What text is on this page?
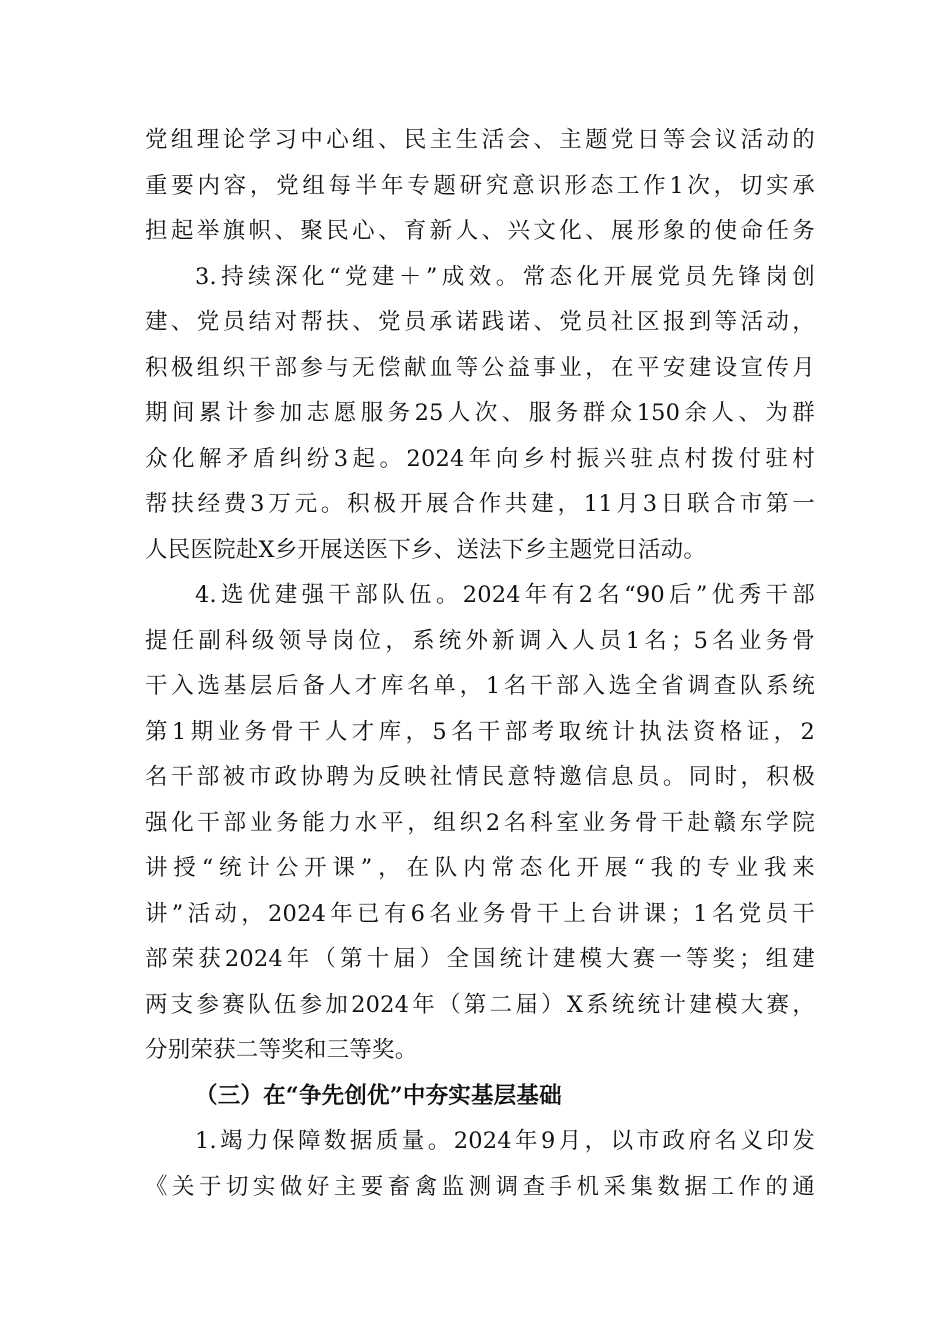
党组理论学习中心组、民主生活会、主题党日等会议活动的
重要内容，党组每半年专题研究意识形态工作1次，切实承
担起举旗帜、聚民心、育新人、兴文化、展形象的使命任务
3.持续深化“党建＋”成效。常态化开展党员先锋岗创
建、党员结对帮扶、党员承诺践诺、党员社区报到等活动，
积极组织干部参与无偿献血等公益事业，在平安建设宣传月
期间累计参加志愿服务25人次、服务群众150余人、为群
众化解矛盾纠纷3起。2024年向乡村振兴驻点村拨付驻村
帮扶经费3万元。积极开展合作共建，11月3日联合市第一
人民医院赴X乡开展送医下乡、送法下乡主题党日活动。
4.选优建强干部队伍。2024年有2名“90后”优秀干部
提任副科级领导岗位，系统外新调入人员1名；5名业务骨
干入选基层后备人才库名单，1名干部入选全省调查队系统
第1期业务骨干人才库，5名干部考取统计执法资格证，2
名干部被市政协聘为反映社情民意特邀信息员。同时，积极
强化干部业务能力水平，组织2名科室业务骨干赴赣东学院
讲授“统计公开课”，在队内常态化开展“我的专业我来
讲”活动，2024年已有6名业务骨干上台讲课；1名党员干
部荣获2024年（第十届）全国统计建模大赛一等奖；组建
两支参赛队伍参加2024年（第二届）X系统统计建模大赛，
分别荣获二等奖和三等奖。
（三）在“争先创优”中夯实基层基础
1.竭力保障数据质量。2024年9月，以市政府名义印发
《关于切实做好主要畜禽监测调查手机采集数据工作的通
